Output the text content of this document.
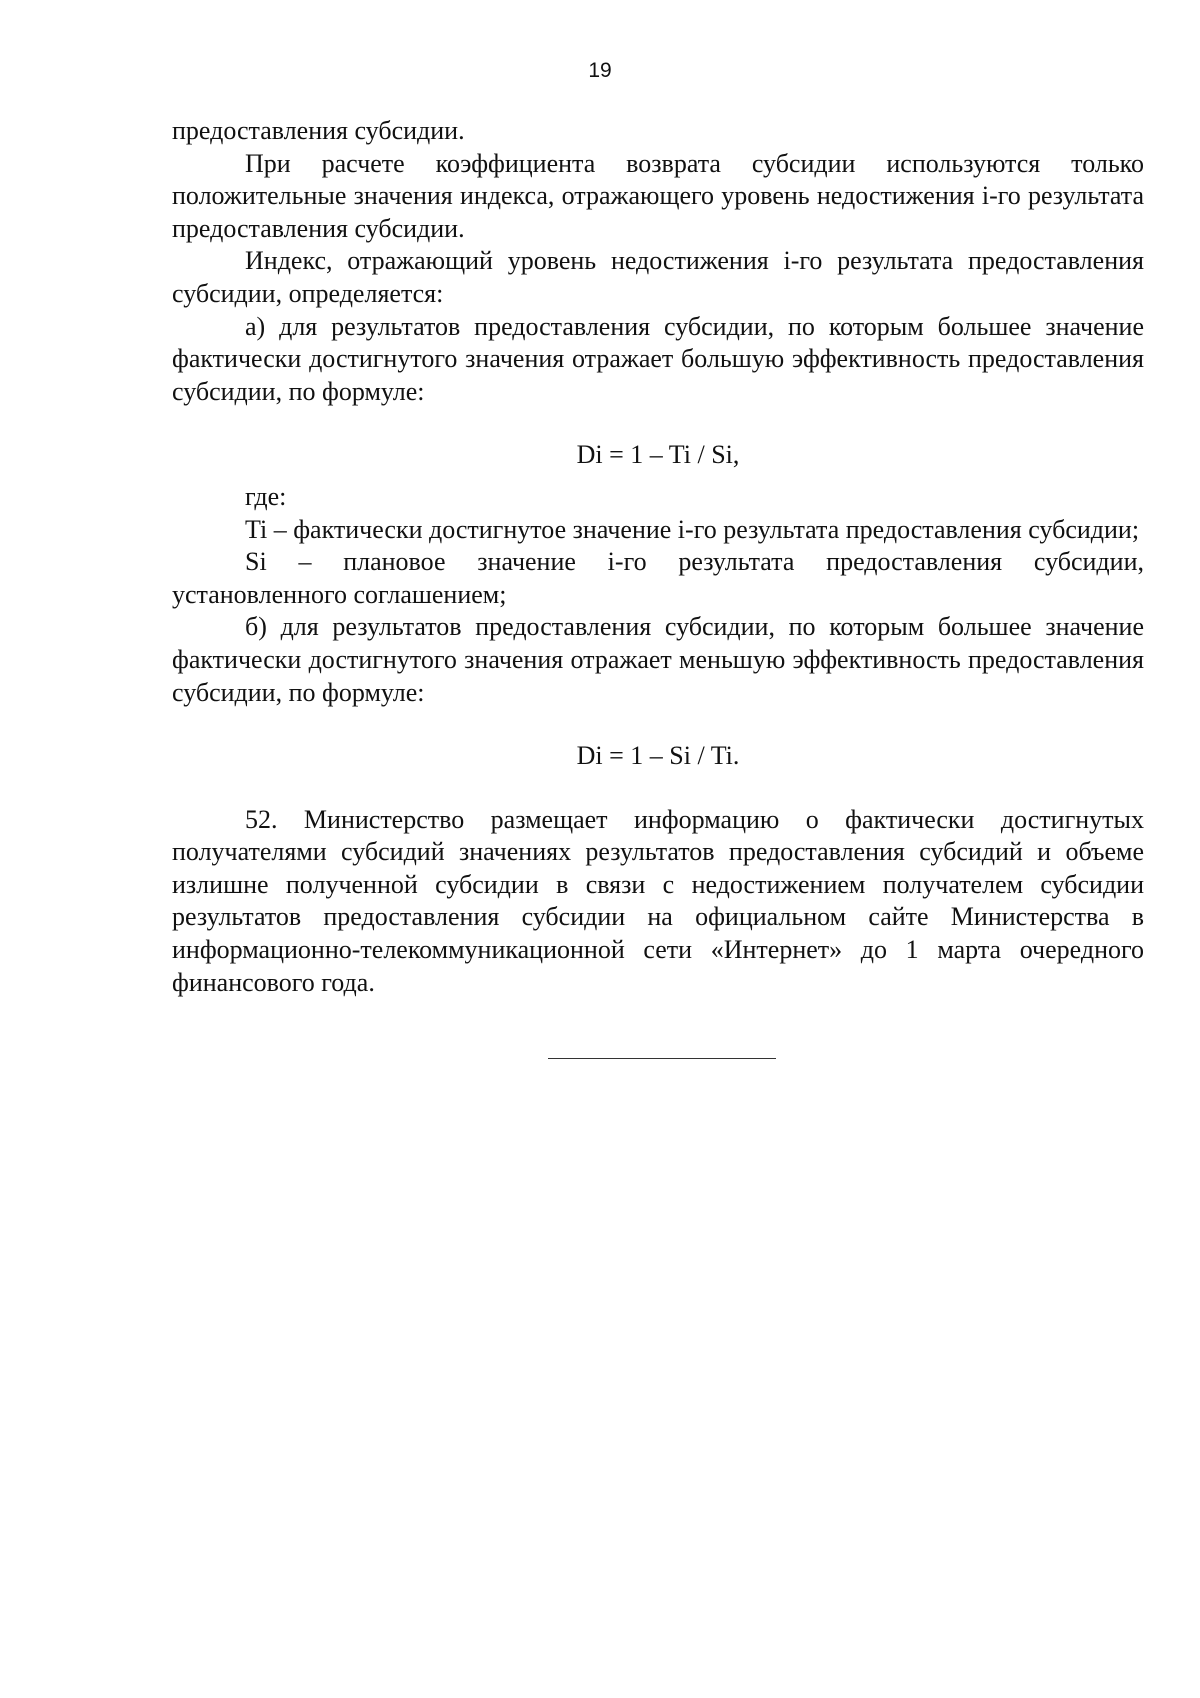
19

предоставления субсидии.

При расчете коэффициента возврата субсидии используются только положительные значения индекса, отражающего уровень недостижения i-го результата предоставления субсидии.

Индекс, отражающий уровень недостижения i-го результата предоставления субсидии, определяется:

а) для результатов предоставления субсидии, по которым большее значение фактически достигнутого значения отражает большую эффективность предоставления субсидии, по формуле:

Di = 1 – Ti / Si,

где:

Ti – фактически достигнутое значение i-го результата предоставления субсидии;

Si – плановое значение i-го результата предоставления субсидии, установленного соглашением;

б) для результатов предоставления субсидии, по которым большее значение фактически достигнутого значения отражает меньшую эффективность предоставления субсидии, по формуле:

Di = 1 – Si / Ti.

52. Министерство размещает информацию о фактически достигнутых получателями субсидий значениях результатов предоставления субсидий и объеме излишне полученной субсидии в связи с недостижением получателем субсидии результатов предоставления субсидии на официальном сайте Министерства в информационно-телекоммуникационной сети «Интернет» до 1 марта очередного финансового года.
